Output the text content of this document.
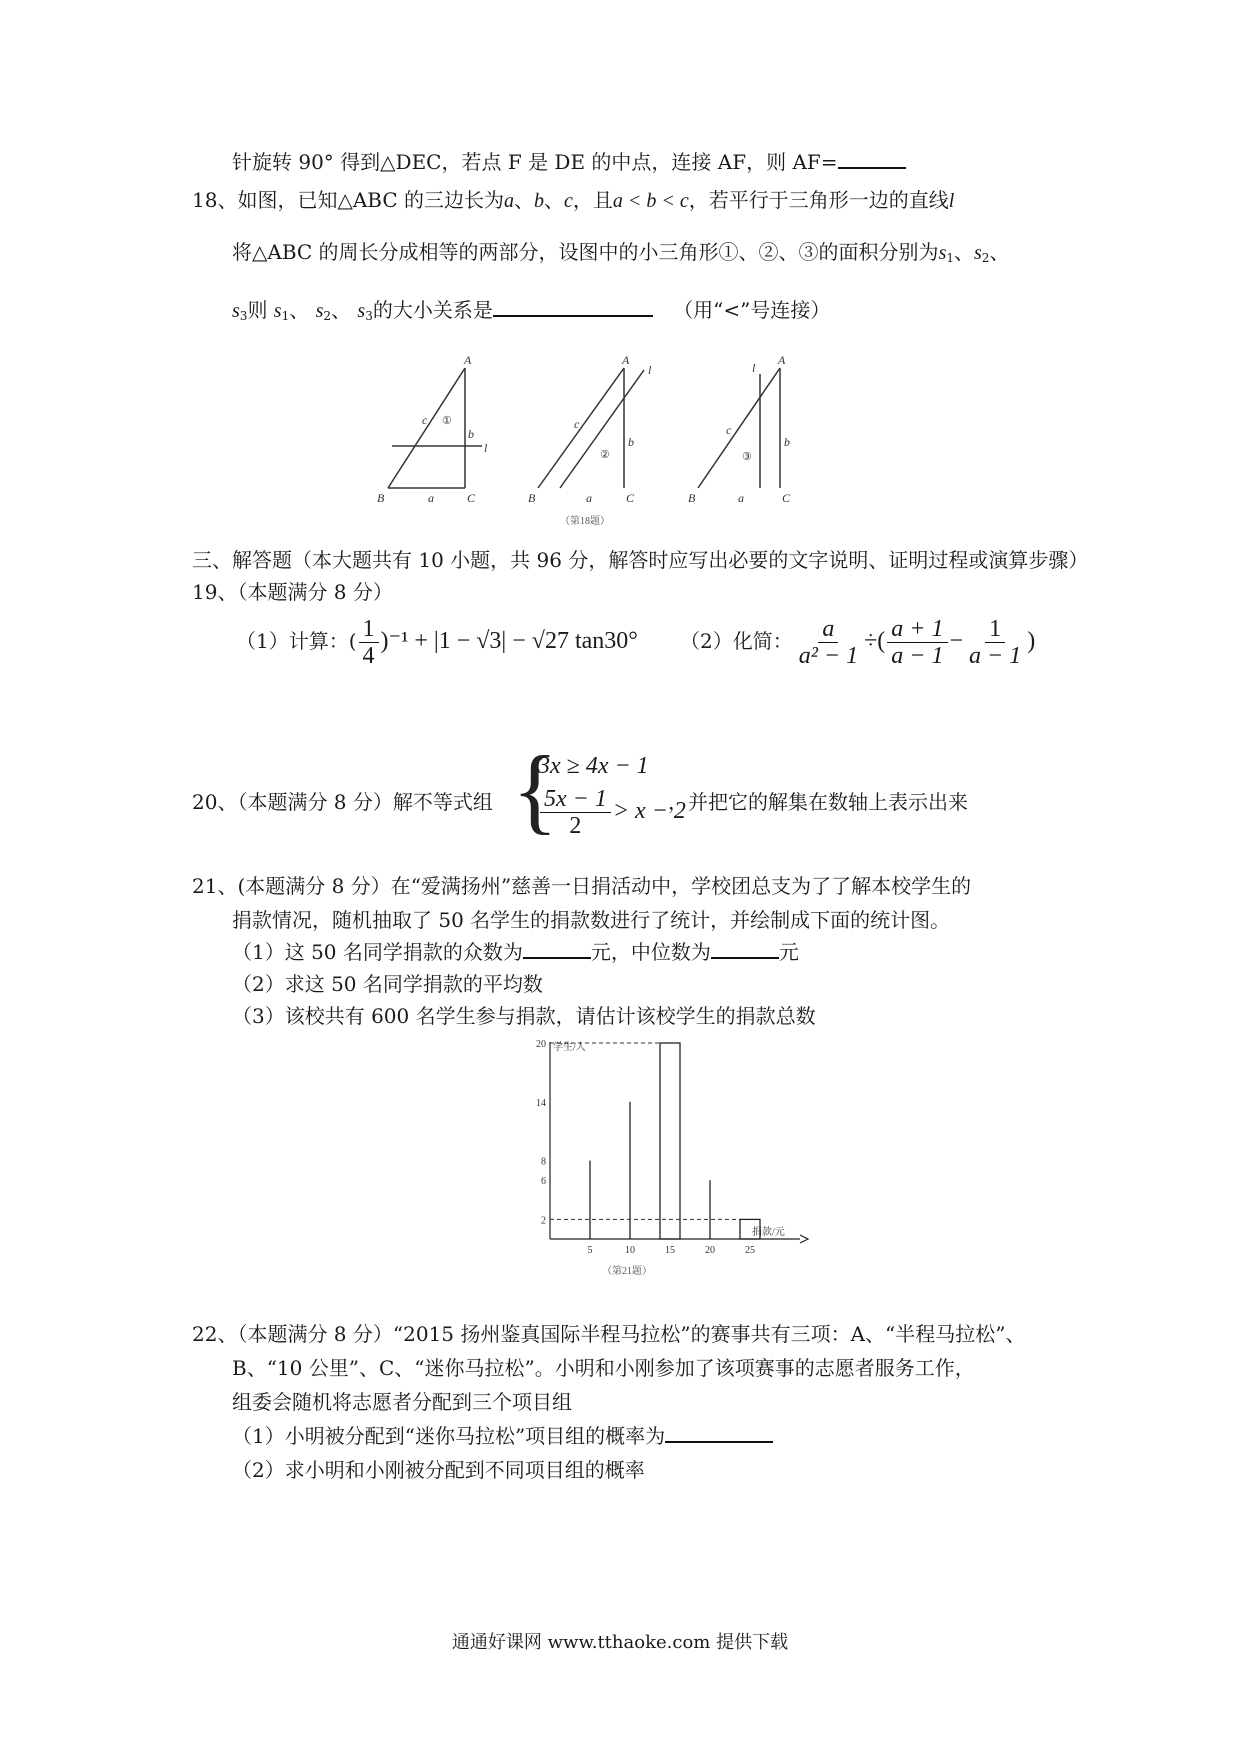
针旋转 90° 得到△DEC，若点 F 是 DE 的中点，连接 AF，则 AF=
18、如图，已知△ABC 的三边长为a、b、c，且a < b < c，若平行于三角形一边的直线l
将△ABC 的周长分成相等的两部分，设图中的小三角形①、②、③的面积分别为$s_1$、$s_2$、
$s_3$则 $s_1$、 $s_2$、 $s_3$的大小关系是	（用“<”号连接）
A
B	C
a
b
c
l
①
A
B	C
a
b
c
l
②
A
B	C
a
b
c
l
③
（第18题）
三、解答题（本大题共有 10 小题，共 96 分，解答时应写出必要的文字说明、证明过程或演算步骤）
19、（本题满分 8 分）
（1）计算：( $\frac{1}{4} )^{-1} + |1 - √3| - √27$ tan30° （2）化简： $\frac{a}{\text{a² − 1}}$ ÷( $\frac{a + 1}{a - 1} - \frac{1}{a - 1}$ )
20、（本题满分 8 分）解不等式组 {
3x ≥ 4x − 1
$\frac{5x - 1}{2} > x - 2$
，并把它的解集在数轴上表示出来
21、(本题满分 8 分）在“爱满扬州”慈善一日捐活动中，学校团总支为了了解本校学生的
捐款情况，随机抽取了 50 名学生的捐款数进行了统计，并绘制成下面的统计图。
（1）这 50 名同学捐款的众数为	元，中位数为	元
（2）求这 50 名同学捐款的平均数
（3）该校共有 600 名学生参与捐款，请估计该校学生的捐款总数
学生/人
捐款/元
2
6
8
14
20
5	10	15	20	25
（第21题）
22、（本题满分 8 分）“2015 扬州鉴真国际半程马拉松”的赛事共有三项：A、“半程马拉松”、
B、“10 公里”、C、“迷你马拉松”。小明和小刚参加了该项赛事的志愿者服务工作，
组委会随机将志愿者分配到三个项目组
（1）小明被分配到“迷你马拉松”项目组的概率为
（2）求小明和小刚被分配到不同项目组的概率
通通好课网 www.tthaoke.com 提供下载
